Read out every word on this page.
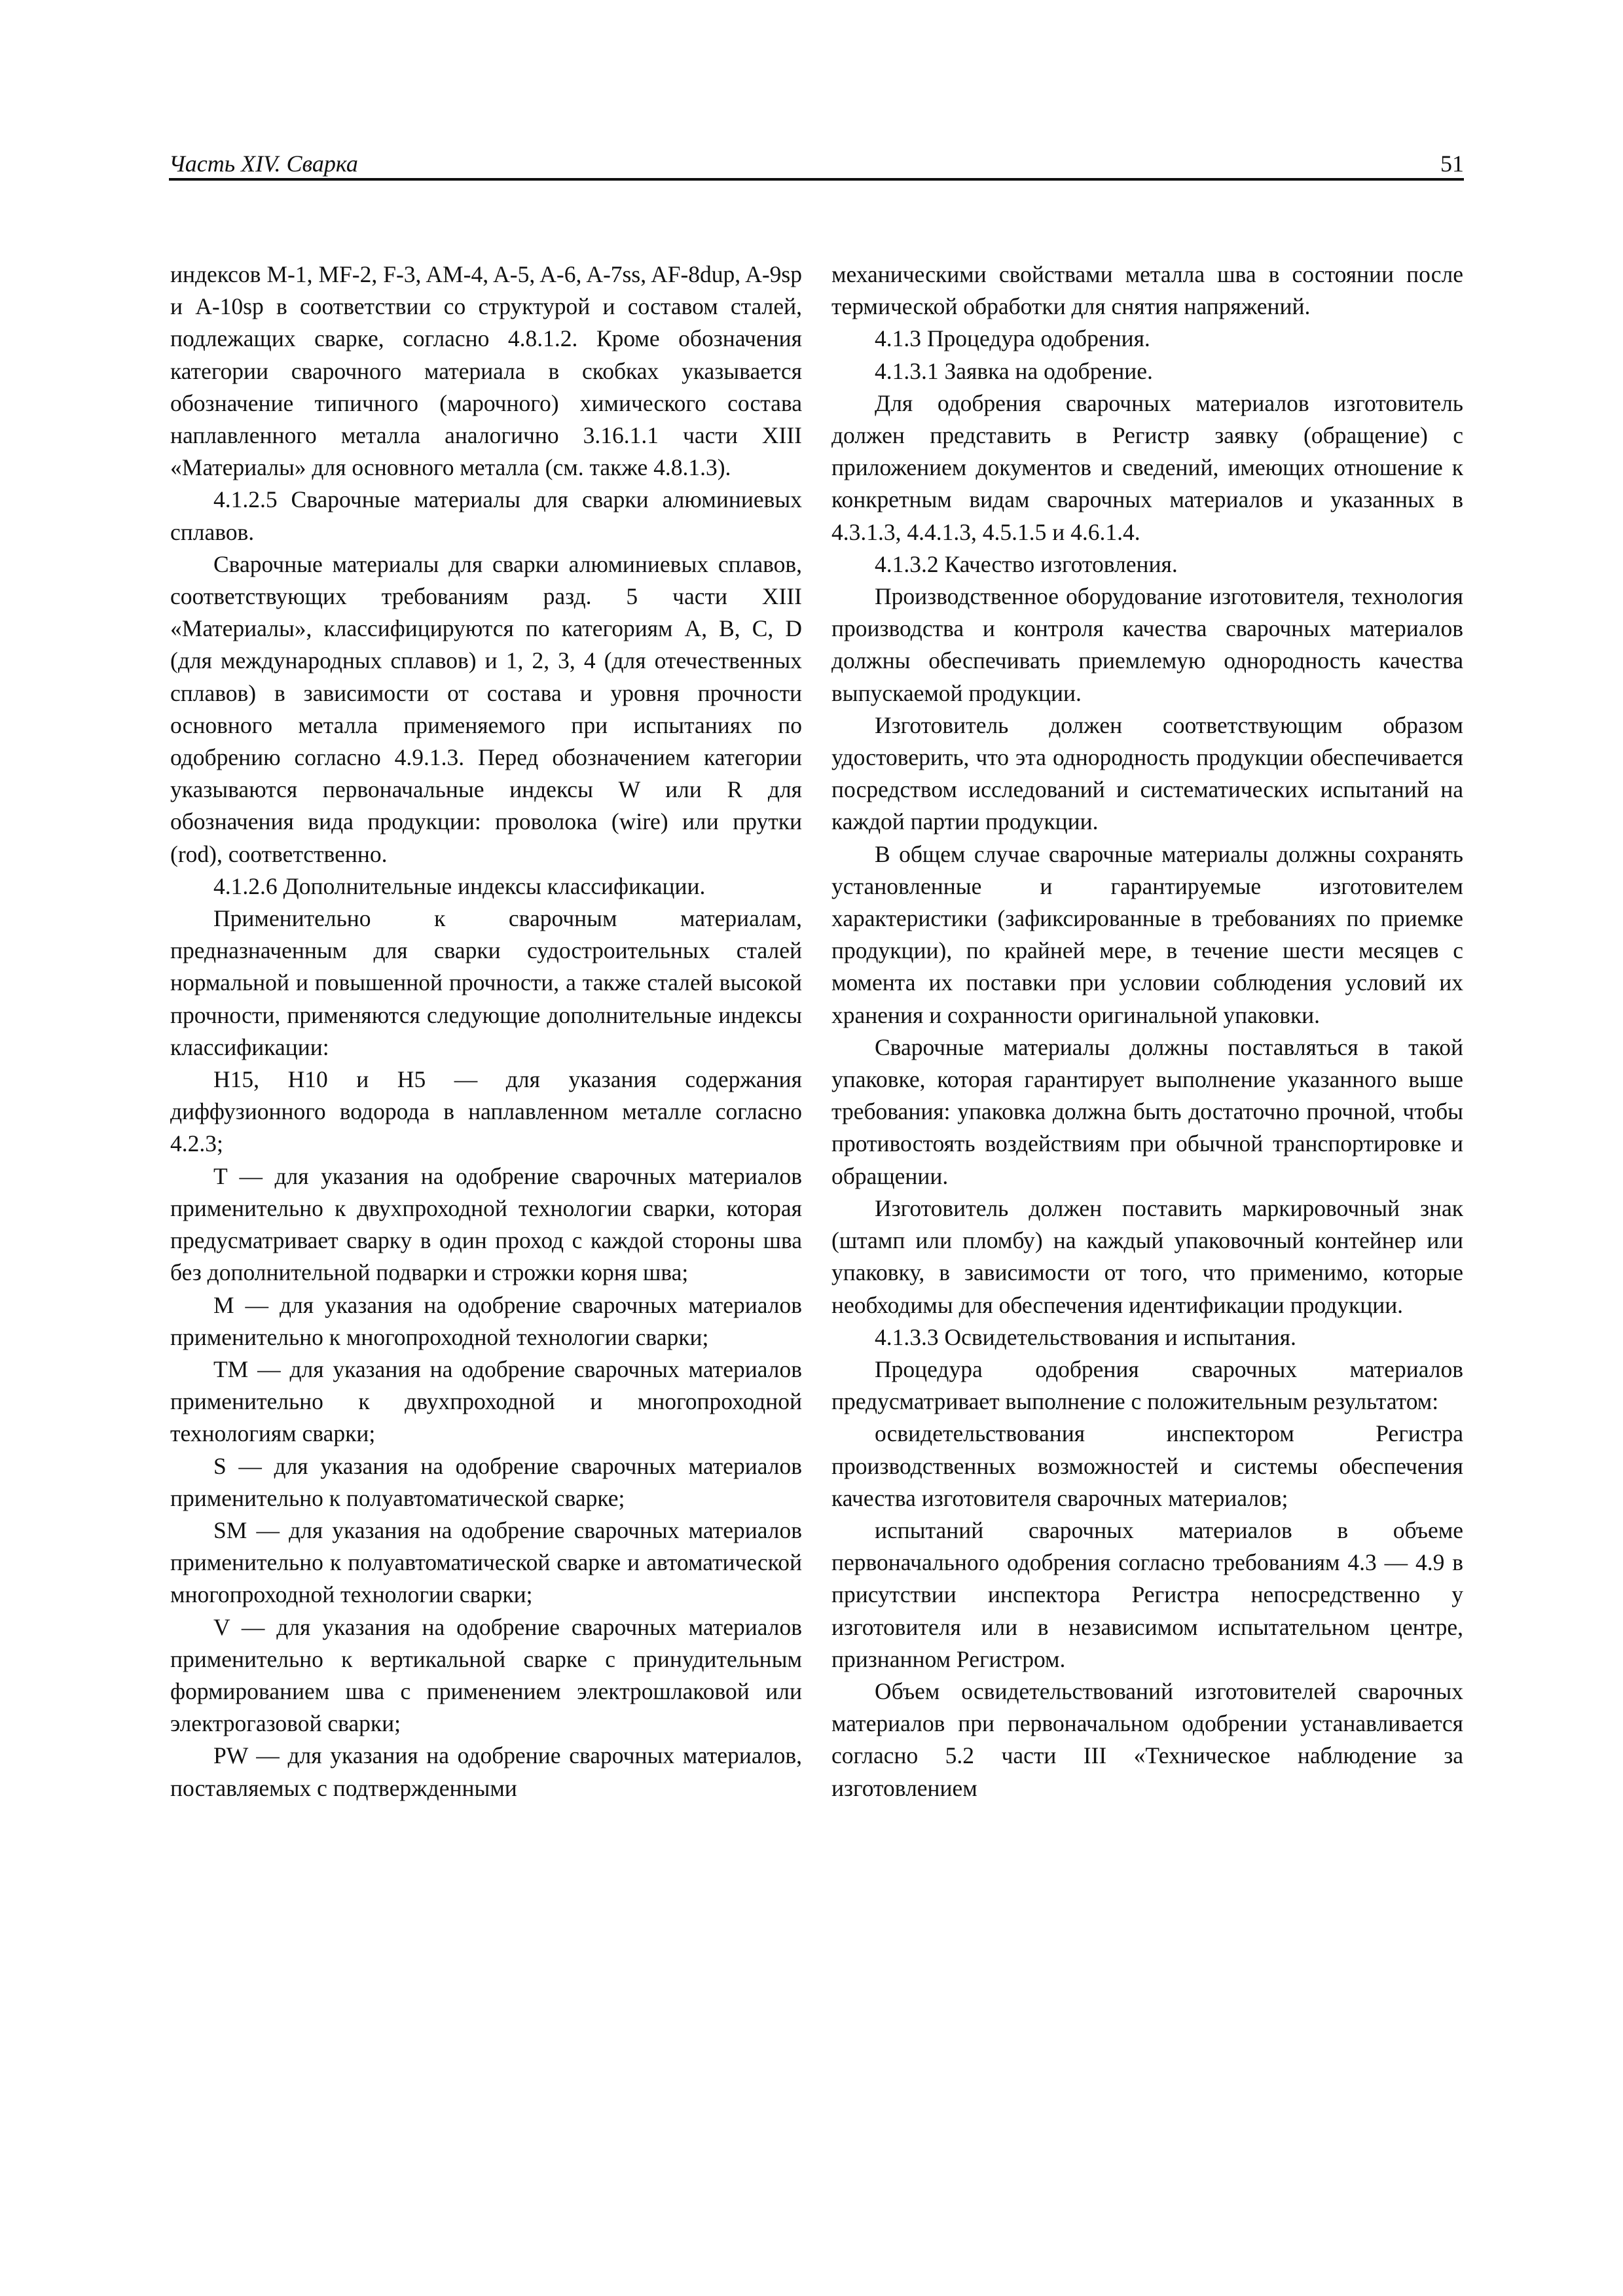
Часть XIV. Сварка	51

индексов М-1, MF-2, F-3, AM-4, A-5, A-6, A-7ss, AF-8dup, A-9sp и A-10sp в соответствии со структурой и составом сталей, подлежащих сварке, согласно 4.8.1.2. Кроме обозначения категории сварочного материала в скобках указывается обозначение типичного (марочного) химического состава наплавленного металла аналогично 3.16.1.1 части XIII «Материалы» для основного металла (см. также 4.8.1.3).

4.1.2.5 Сварочные материалы для сварки алюминиевых сплавов.

Сварочные материалы для сварки алюминиевых сплавов, соответствующих требованиям разд. 5 части XIII «Материалы», классифицируются по категориям A, B, C, D (для международных сплавов) и 1, 2, 3, 4 (для отечественных сплавов) в зависимости от состава и уровня прочности основного металла применяемого при испытаниях по одобрению согласно 4.9.1.3. Перед обозначением категории указываются первоначальные индексы W или R для обозначения вида продукции: проволока (wire) или прутки (rod), соответственно.

4.1.2.6 Дополнительные индексы классификации.

Применительно к сварочным материалам, предназначенным для сварки судостроительных сталей нормальной и повышенной прочности, а также сталей высокой прочности, применяются следующие дополнительные индексы классификации:

H15, H10 и H5 — для указания содержания диффузионного водорода в наплавленном металле согласно 4.2.3;

T — для указания на одобрение сварочных материалов применительно к двухпроходной технологии сварки, которая предусматривает сварку в один проход с каждой стороны шва без дополнительной подварки и строжки корня шва;

M — для указания на одобрение сварочных материалов применительно к многопроходной технологии сварки;

TM — для указания на одобрение сварочных материалов применительно к двухпроходной и многопроходной технологиям сварки;

S — для указания на одобрение сварочных материалов применительно к полуавтоматической сварке;

SM — для указания на одобрение сварочных материалов применительно к полуавтоматической сварке и автоматической многопроходной технологии сварки;

V — для указания на одобрение сварочных материалов применительно к вертикальной сварке с принудительным формированием шва с применением электрошлаковой или электрогазовой сварки;

PW — для указания на одобрение сварочных материалов, поставляемых с подтвержденными

механическими свойствами металла шва в состоянии после термической обработки для снятия напряжений.

4.1.3 Процедура одобрения.

4.1.3.1 Заявка на одобрение.

Для одобрения сварочных материалов изготовитель должен представить в Регистр заявку (обращение) с приложением документов и сведений, имеющих отношение к конкретным видам сварочных материалов и указанных в 4.3.1.3, 4.4.1.3, 4.5.1.5 и 4.6.1.4.

4.1.3.2 Качество изготовления.

Производственное оборудование изготовителя, технология производства и контроля качества сварочных материалов должны обеспечивать приемлемую однородность качества выпускаемой продукции.

Изготовитель должен соответствующим образом удостоверить, что эта однородность продукции обеспечивается посредством исследований и систематических испытаний на каждой партии продукции.

В общем случае сварочные материалы должны сохранять установленные и гарантируемые изготовителем характеристики (зафиксированные в требованиях по приемке продукции), по крайней мере, в течение шести месяцев с момента их поставки при условии соблюдения условий их хранения и сохранности оригинальной упаковки.

Сварочные материалы должны поставляться в такой упаковке, которая гарантирует выполнение указанного выше требования: упаковка должна быть достаточно прочной, чтобы противостоять воздействиям при обычной транспортировке и обращении.

Изготовитель должен поставить маркировочный знак (штамп или пломбу) на каждый упаковочный контейнер или упаковку, в зависимости от того, что применимо, которые необходимы для обеспечения идентификации продукции.

4.1.3.3 Освидетельствования и испытания.

Процедура одобрения сварочных материалов предусматривает выполнение с положительным результатом:

освидетельствования инспектором Регистра производственных возможностей и системы обеспечения качества изготовителя сварочных материалов;

испытаний сварочных материалов в объеме первоначального одобрения согласно требованиям 4.3 — 4.9 в присутствии инспектора Регистра непосредственно у изготовителя или в независимом испытательном центре, признанном Регистром.

Объем освидетельствований изготовителей сварочных материалов при первоначальном одобрении устанавливается согласно 5.2 части III «Техническое наблюдение за изготовлением
